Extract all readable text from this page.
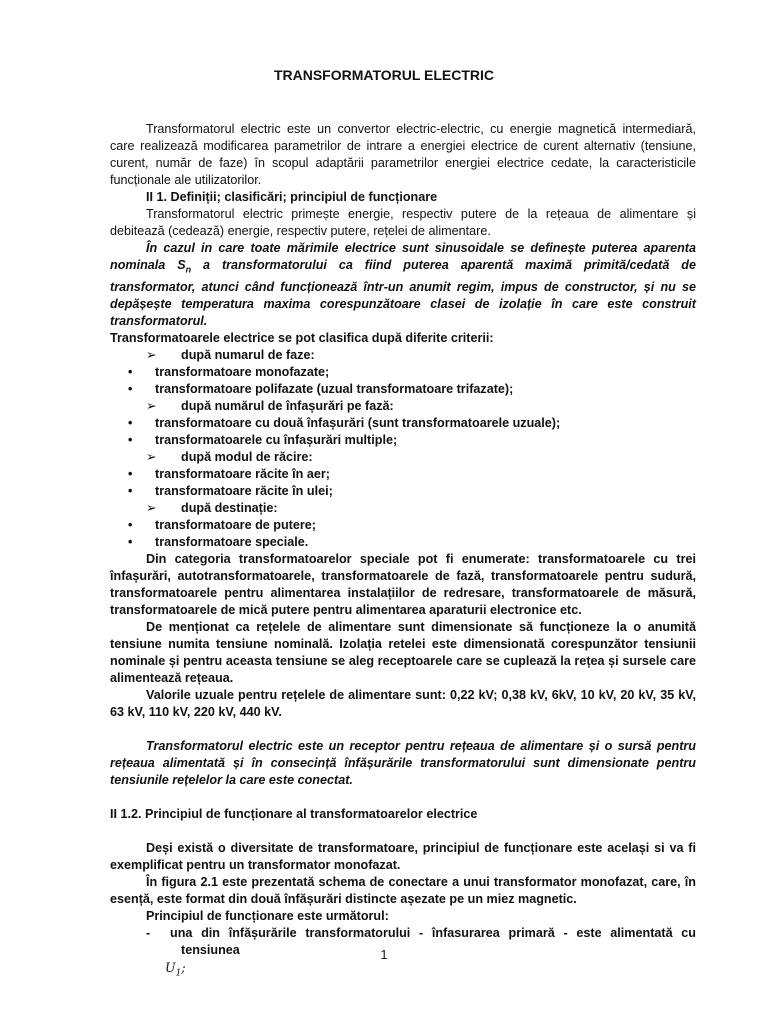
TRANSFORMATORUL ELECTRIC

Transformatorul electric este un convertor electric-electric, cu energie magnetică intermediară, care realizează modificarea parametrilor de intrare a energiei electrice de curent alternativ (tensiune, curent, număr de faze) în scopul adaptării parametrilor energiei electrice cedate, la caracteristicile funcționale ale utilizatorilor.

II 1. Definiții; clasificări; principiul de funcționare

Transformatorul electric primește energie, respectiv putere de la rețeaua de alimentare și debitează (cedează) energie, respectiv putere, rețelei de alimentare.

În cazul in care toate mărimile electrice sunt sinusoidale se definește puterea aparenta nominala $S_n$ a transformatorului ca fiind puterea aparentă maximă primită/cedată de transformator, atunci când funcționează într-un anumit regim, impus de constructor, și nu se depășește temperatura maxima corespunzătoare clasei de izolație în care este construit transformatorul.

Transformatoarele electrice se pot clasifica după diferite criterii:

➢ după numarul de faze:

• transformatoare monofazate;

• transformatoare polifazate (uzual transformatoare trifazate);

➢ după numărul de înfașurări pe fază:

• transformatoare cu două înfașurări (sunt transformatoarele uzuale);

• transformatoarele cu înfașurări multiple;

➢ după modul de răcire:

• transformatoare răcite în aer;

• transformatoare răcite în ulei;

➢ după destinație:

• transformatoare de putere;

• transformatoare speciale.

Din categoria transformatoarelor speciale pot fi enumerate: transformatoarele cu trei înfașurări, autotransformatoarele, transformatoarele de fază, transformatoarele pentru sudură, transformatoarele pentru alimentarea instalațiilor de redresare, transformatoarele de măsură, transformatoarele de mică putere pentru alimentarea aparaturii electronice etc.

De menționat ca rețelele de alimentare sunt dimensionate să funcționeze la o anumită tensiune numita tensiune nominală. Izolația retelei este dimensionată corespunzător tensiunii nominale și pentru aceasta tensiune se aleg receptoarele care se cuplează la rețea și sursele care alimentează rețeaua.

Valorile uzuale pentru rețelele de alimentare sunt: 0,22 kV; 0,38 kV, 6kV, 10 kV, 20 kV, 35 kV, 63 kV, 110 kV, 220 kV, 440 kV.

Transformatorul electric este un receptor pentru rețeaua de alimentare și o sursă pentru rețeaua alimentată și în consecință înfășurările transformatorului sunt dimensionate pentru tensiunile rețelelor la care este conectat.

II 1.2. Principiul de funcționare al transformatoarelor electrice

Deși există o diversitate de transformatoare, principiul de funcționare este același si va fi exemplificat pentru un transformator monofazat.

În figura 2.1 este prezentată schema de conectare a unui transformator monofazat, care, în esență, este format din două înfășurări distincte așezate pe un miez magnetic.

Principiul de funcționare este următorul:

- una din înfășurările transformatorului - înfasurarea primară - este alimentată cu tensiunea

$U_1$;

1
